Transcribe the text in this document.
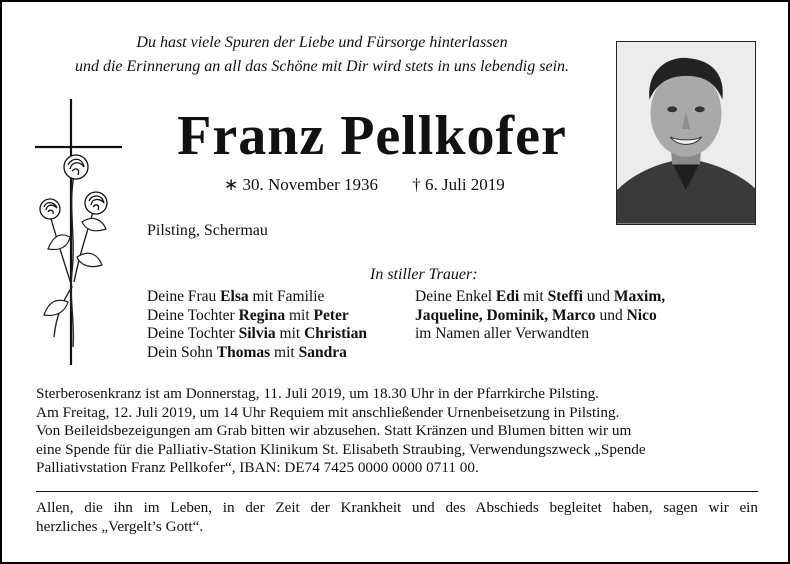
Du hast viele Spuren der Liebe und Fürsorge hinterlassen
und die Erinnerung an all das Schöne mit Dir wird stets in uns lebendig sein.
Franz Pellkofer
∗ 30. November 1936 † 6. Juli 2019
Pilsting, Schermau
In stiller Trauer:
Deine Frau Elsa mit Familie
Deine Tochter Regina mit Peter
Deine Tochter Silvia mit Christian
Dein Sohn Thomas mit Sandra
Deine Enkel Edi mit Steffi und Maxim,
Jaqueline, Dominik, Marco und Nico
im Namen aller Verwandten
Sterberosenkranz ist am Donnerstag, 11. Juli 2019, um 18.30 Uhr in der Pfarrkirche Pilsting.
Am Freitag, 12. Juli 2019, um 14 Uhr Requiem mit anschließender Urnenbeisetzung in Pilsting.
Von Beileidsbezeigungen am Grab bitten wir abzusehen. Statt Kränzen und Blumen bitten wir um
eine Spende für die Palliativ-Station Klinikum St. Elisabeth Straubing, Verwendungszweck „Spende
Palliativstation Franz Pellkofer“, IBAN: DE74 7425 0000 0000 0711 00.
Allen, die ihn im Leben, in der Zeit der Krankheit und des Abschieds begleitet haben, sagen wir ein
herzliches „Vergelt’s Gott“.
